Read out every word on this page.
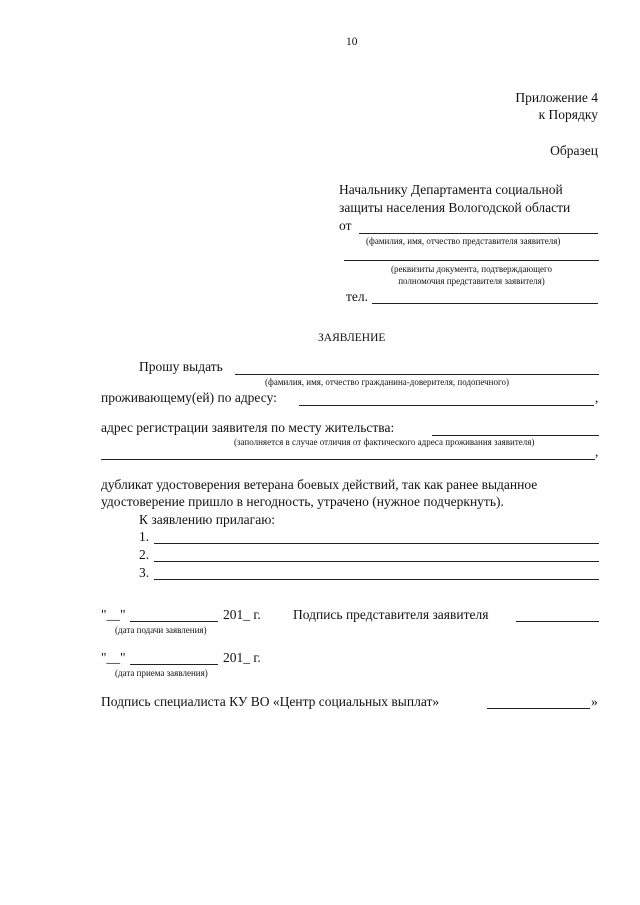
10
Приложение 4
к Порядку
Образец
Начальнику Департамента социальной
защиты населения Вологодской области
от
(фамилия, имя, отчество представителя заявителя)
(реквизиты документа, подтверждающего
полномочия представителя заявителя)
тел.
ЗАЯВЛЕНИЕ
Прошу выдать
(фамилия, имя, отчество гражданина-доверителя, подопечного)
проживающему(ей) по адресу:	,
адрес регистрации заявителя по месту жительства:
(заполняется в случае отличия от фактического адреса проживания заявителя)
,
дубликат удостоверения ветерана боевых действий, так как ранее выданное
удостоверение пришло в негодность, утрачено (нужное подчеркнуть).
К заявлению прилагаю:
1.
2.
3.
"__"	201_ г.
(дата подачи заявления)
Подпись представителя заявителя
"__"	201_ г.
(дата приема заявления)
Подпись специалиста КУ ВО «Центр социальных выплат»	»
